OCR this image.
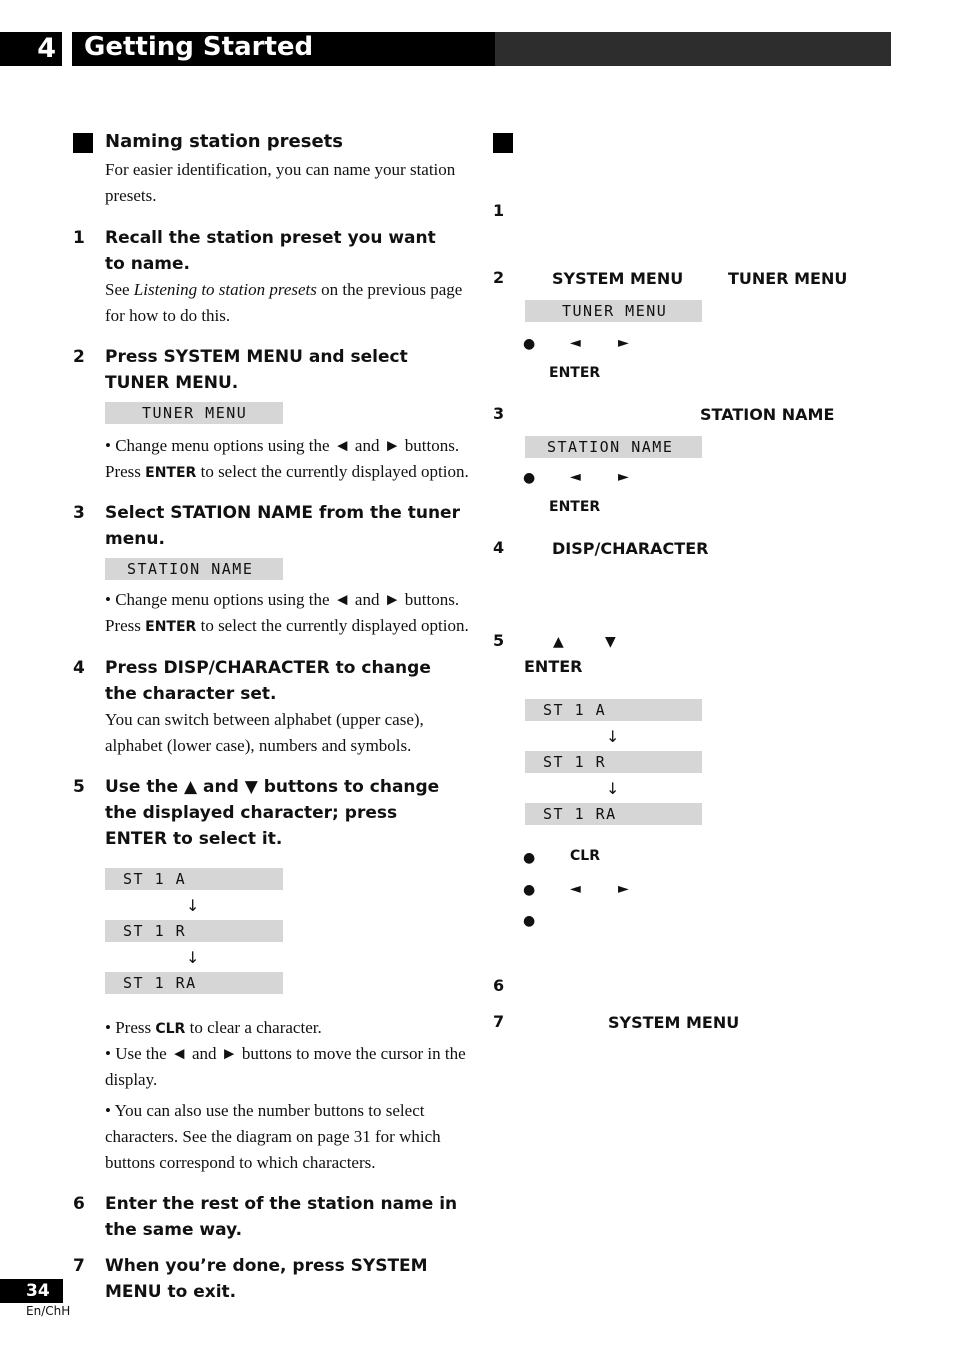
4 Getting Started
Naming station presets
For easier identification, you can name your station presets.
1 Recall the station preset you want to name.
See Listening to station presets on the previous page for how to do this.
2 Press SYSTEM MENU and select TUNER MENU.
TUNER MENU
• Change menu options using the ◄ and ► buttons. Press ENTER to select the currently displayed option.
3 Select STATION NAME from the tuner menu.
STATION NAME
• Change menu options using the ◄ and ► buttons. Press ENTER to select the currently displayed option.
4 Press DISP/CHARACTER to change the character set.
You can switch between alphabet (upper case), alphabet (lower case), numbers and symbols.
5 Use the ▲ and ▼ buttons to change the displayed character; press ENTER to select it.
ST 1 A
↓
ST 1 R
↓
ST 1 RA
• Press CLR to clear a character.
• Use the ◄ and ► buttons to move the cursor in the display.
• You can also use the number buttons to select characters. See the diagram on page 31 for which buttons correspond to which characters.
6 Enter the rest of the station name in the same way.
7 When you’re done, press SYSTEM MENU to exit.
1
2	SYSTEM MENU	TUNER MENU
TUNER MENU
● ◄	►
ENTER
3	STATION NAME
STATION NAME
● ◄	►
ENTER
4	DISP/CHARACTER
5	▲	▼
ENTER
ST 1 A
↓
ST 1 R
↓
ST 1 RA
● CLR
● ◄	►
●
6
7	SYSTEM MENU
34
En/ChH
